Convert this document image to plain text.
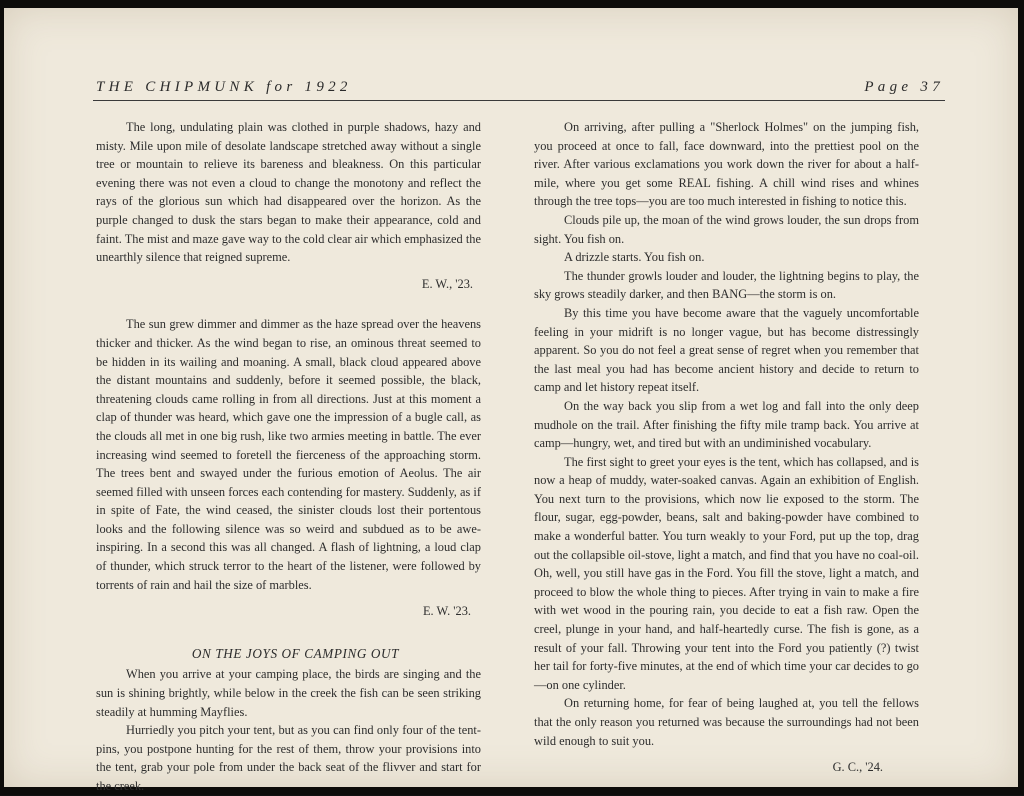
THE CHIPMUNK for 1922	Page 37

The long, undulating plain was clothed in purple shadows, hazy and misty. Mile upon mile of desolate landscape stretched away without a single tree or mountain to relieve its bareness and bleakness. On this particular evening there was not even a cloud to change the monotony and reflect the rays of the glorious sun which had disappeared over the horizon. As the purple changed to dusk the stars began to make their appearance, cold and faint. The mist and maze gave way to the cold clear air which emphasized the unearthly silence that reigned supreme.

E. W., '23.

The sun grew dimmer and dimmer as the haze spread over the heavens thicker and thicker. As the wind began to rise, an ominous threat seemed to be hidden in its wailing and moaning. A small, black cloud appeared above the distant mountains and suddenly, before it seemed possible, the black, threatening clouds came rolling in from all directions. Just at this moment a clap of thunder was heard, which gave one the impression of a bugle call, as the clouds all met in one big rush, like two armies meeting in battle. The ever increasing wind seemed to foretell the fierceness of the approaching storm. The trees bent and swayed under the furious emotion of Aeolus. The air seemed filled with unseen forces each contending for mastery. Suddenly, as if in spite of Fate, the wind ceased, the sinister clouds lost their portentous looks and the following silence was so weird and subdued as to be awe-inspiring. In a second this was all changed. A flash of lightning, a loud clap of thunder, which struck terror to the heart of the listener, were followed by torrents of rain and hail the size of marbles.

E. W. '23.
ON THE JOYS OF CAMPING OUT

When you arrive at your camping place, the birds are singing and the sun is shining brightly, while below in the creek the fish can be seen striking steadily at humming Mayflies.

Hurriedly you pitch your tent, but as you can find only four of the tent-pins, you postpone hunting for the rest of them, throw your provisions into the tent, grab your pole from under the back seat of the flivver and start for the creek.

On arriving, after pulling a "Sherlock Holmes" on the jumping fish, you proceed at once to fall, face downward, into the prettiest pool on the river. After various exclamations you work down the river for about a half-mile, where you get some REAL fishing. A chill wind rises and whines through the tree tops—you are too much interested in fishing to notice this.

Clouds pile up, the moan of the wind grows louder, the sun drops from sight. You fish on.

A drizzle starts. You fish on.

The thunder growls louder and louder, the lightning begins to play, the sky grows steadily darker, and then BANG—the storm is on.

By this time you have become aware that the vaguely uncomfortable feeling in your midrift is no longer vague, but has become distressingly apparent. So you do not feel a great sense of regret when you remember that the last meal you had has become ancient history and decide to return to camp and let history repeat itself.

On the way back you slip from a wet log and fall into the only deep mudhole on the trail. After finishing the fifty mile tramp back. You arrive at camp—hungry, wet, and tired but with an undiminished vocabulary.

The first sight to greet your eyes is the tent, which has collapsed, and is now a heap of muddy, water-soaked canvas. Again an exhibition of English. You next turn to the provisions, which now lie exposed to the storm. The flour, sugar, egg-powder, beans, salt and baking-powder have combined to make a wonderful batter. You turn weakly to your Ford, put up the top, drag out the collapsible oil-stove, light a match, and find that you have no coal-oil. Oh, well, you still have gas in the Ford. You fill the stove, light a match, and proceed to blow the whole thing to pieces. After trying in vain to make a fire with wet wood in the pouring rain, you decide to eat a fish raw. Open the creel, plunge in your hand, and half-heartedly curse. The fish is gone, as a result of your fall. Throwing your tent into the Ford you patiently (?) twist her tail for forty-five minutes, at the end of which time your car decides to go—on one cylinder.

On returning home, for fear of being laughed at, you tell the fellows that the only reason you returned was because the surroundings had not been wild enough to suit you.

G. C., '24.
